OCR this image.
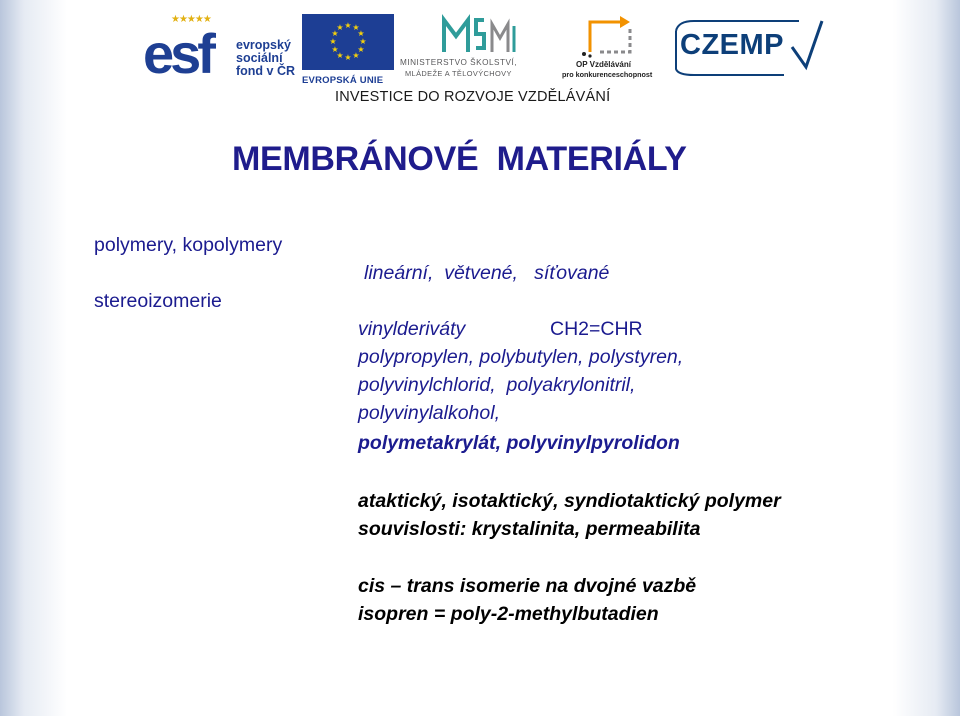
★★★★★
esf evropský
sociální
fond v ČR
★ ★
★
★
★
★
★
★
★
★
★
★
EVROPSKÁ UNIE
MINISTERSTVO ŠKOLSTVÍ,
MLÁDEŽE A TĚLOVÝCHOVY
OP Vzdělávání
pro konkurenceschopnost
CZEMP
INVESTICE DO ROZVOJE VZDĚLÁVÁNÍ
MEMBRÁNOVÉ  MATERIÁLY
polymery, kopolymery
stereoizomerie
lineární,  větvené,   síťované
vinylderiváty	CH2=CHR
polypropylen, polybutylen, polystyren,
polyvinylchlorid,  polyakrylonitril,
polyvinylalkohol,
polymetakrylát, polyvinylpyrolidon
ataktický, isotaktický, syndiotaktický polymer
souvislosti: krystalinita, permeabilita
cis – trans isomerie na dvojné vazbě
isopren = poly-2-methylbutadien
